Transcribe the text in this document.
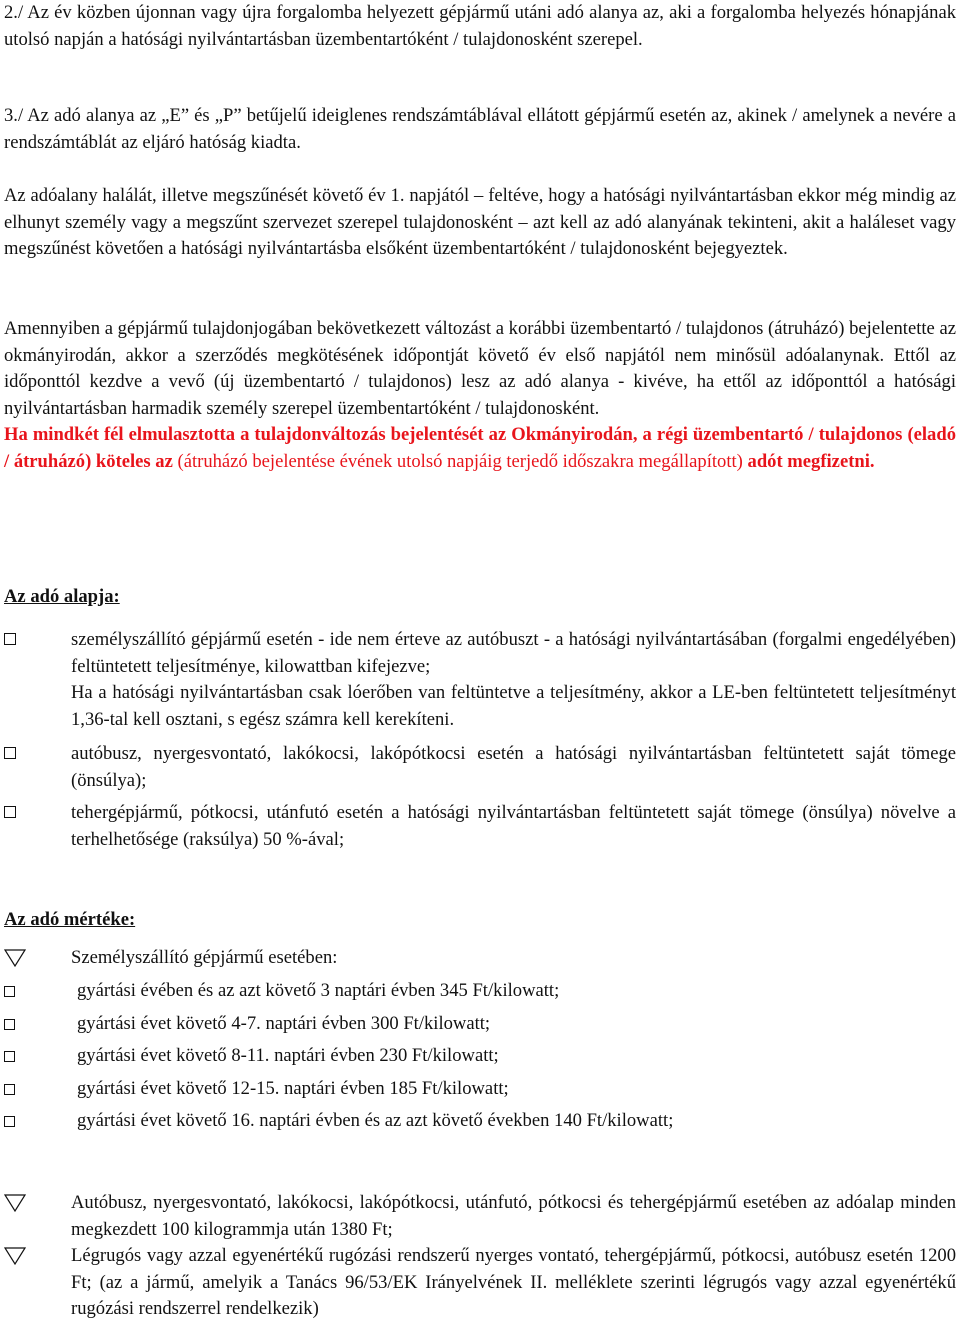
2./ Az év közben újonnan vagy újra forgalomba helyezett gépjármű utáni adó alanya az, aki a forgalomba helyezés hónapjának utolsó napján a hatósági nyilvántartásban üzembentartóként / tulajdonosként szerepel.

3./ Az adó alanya az „E” és „P” betűjelű ideiglenes rendszámtáblával ellátott gépjármű esetén az, akinek / amelynek a nevére a rendszámtáblát az eljáró hatóság kiadta.

Az adóalany halálát, illetve megszűnését követő év 1. napjától – feltéve, hogy a hatósági nyilvántartásban ekkor még mindig az elhunyt személy vagy a megszűnt szervezet szerepel tulajdonosként – azt kell az adó alanyának tekinteni, akit a haláleset vagy megszűnést követően a hatósági nyilvántartásba elsőként üzembentartóként / tulajdonosként bejegyeztek.

Amennyiben a gépjármű tulajdonjogában bekövetkezett változást a korábbi üzembentartó / tulajdonos (átruházó) bejelentette az okmányirodán, akkor a szerződés megkötésének időpontját követő év első napjától nem minősül adóalanynak. Ettől az időponttól kezdve a vevő (új üzembentartó / tulajdonos) lesz az adó alanya - kivéve, ha ettől az időponttól a hatósági nyilvántartásban harmadik személy szerepel üzembentartóként / tulajdonosként.

Ha mindkét fél elmulasztotta a tulajdonváltozás bejelentését az Okmányirodán, a régi üzembentartó / tulajdonos (eladó / átruházó) köteles az (átruházó bejelentése évének utolsó napjáig terjedő időszakra megállapított) adót megfizetni.

Az adó alapja:

személyszállító gépjármű esetén - ide nem érteve az autóbuszt - a hatósági nyilvántartásában (forgalmi engedélyében) feltüntetett teljesítménye, kilowattban kifejezve;

Ha a hatósági nyilvántartásban csak lóerőben van feltüntetve a teljesítmény, akkor a LE-ben feltüntetett teljesítményt 1,36-tal kell osztani, s egész számra kell kerekíteni.

autóbusz, nyergesvontató, lakókocsi, lakópótkocsi esetén a hatósági nyilvántartásban feltüntetett saját tömege (önsúlya);

tehergépjármű, pótkocsi, utánfutó esetén a hatósági nyilvántartásban feltüntetett saját tömege (önsúlya) növelve a terhelhetősége (raksúlya) 50 %-ával;

Az adó mértéke:

Személyszállító gépjármű esetében:

gyártási évében és az azt követő 3 naptári évben 345 Ft/kilowatt;

gyártási évet követő 4-7. naptári évben 300 Ft/kilowatt;

gyártási évet követő 8-11. naptári évben 230 Ft/kilowatt;

gyártási évet követő 12-15. naptári évben 185 Ft/kilowatt;

gyártási évet követő 16. naptári évben és az azt követő években 140 Ft/kilowatt;

Autóbusz, nyergesvontató, lakókocsi, lakópótkocsi, utánfutó, pótkocsi és tehergépjármű esetében az adóalap minden megkezdett 100 kilogrammja után 1380 Ft;

Légrugós vagy azzal egyenértékű rugózási rendszerű nyerges vontató, tehergépjármű, pótkocsi, autóbusz esetén 1200 Ft; (az a jármű, amelyik a Tanács 96/53/EK Irányelvének II. melléklete szerinti légrugós vagy azzal egyenértékű rugózási rendszerrel rendelkezik)
